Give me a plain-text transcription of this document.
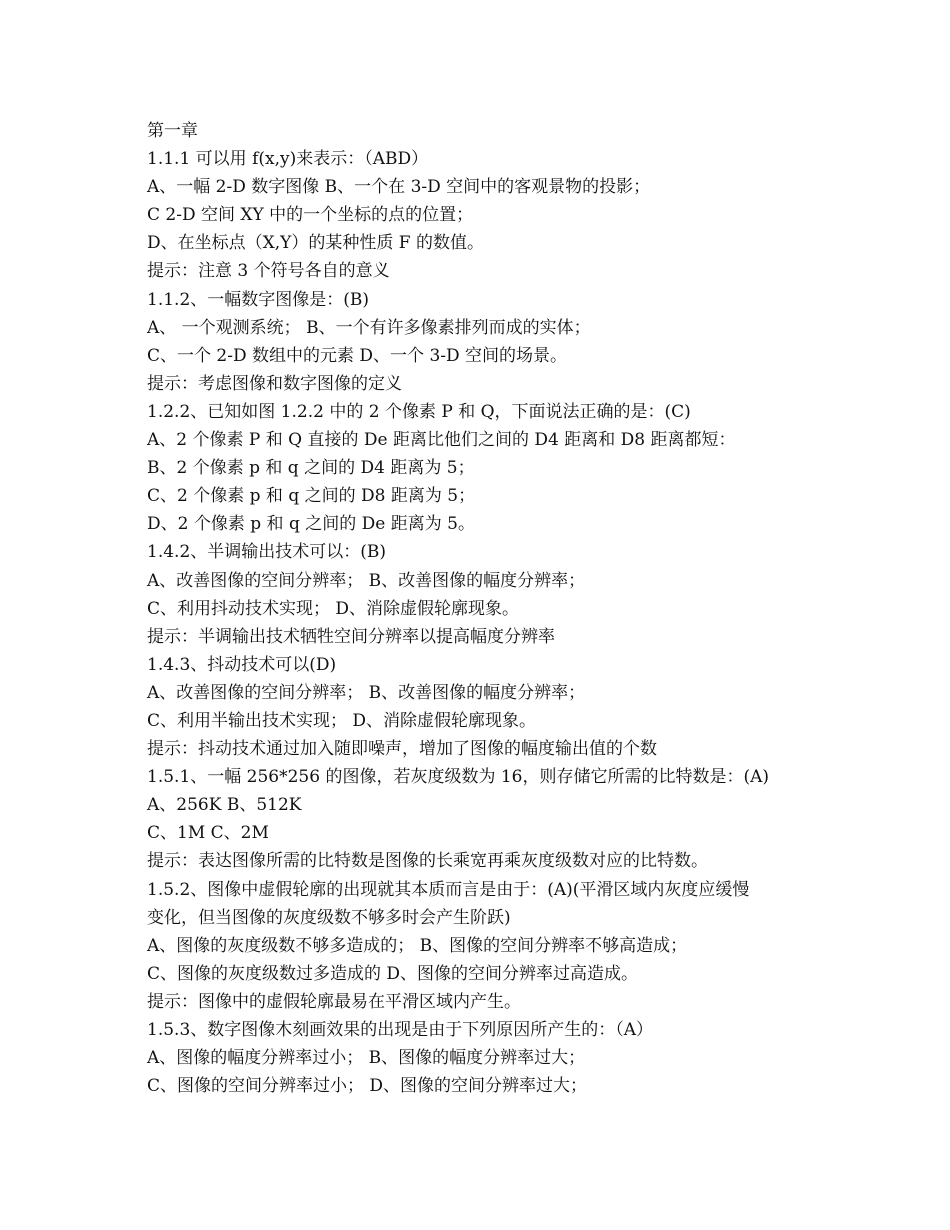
第一章
1.1.1 可以用 f(x,y)来表示：（ABD）
A、一幅 2-D 数字图像 B、一个在 3-D 空间中的客观景物的投影；
C 2-D 空间 XY 中的一个坐标的点的位置；
D、在坐标点（X,Y）的某种性质 F 的数值。
提示：注意 3 个符号各自的意义
1.1.2、一幅数字图像是：(B)
A、 一个观测系统； B、一个有许多像素排列而成的实体；
C、一个 2-D 数组中的元素 D、一个 3-D 空间的场景。
提示：考虑图像和数字图像的定义
1.2.2、已知如图 1.2.2 中的 2 个像素 P 和 Q，下面说法正确的是：(C)
A、2 个像素 P 和 Q 直接的 De 距离比他们之间的 D4 距离和 D8 距离都短：
B、2 个像素 p 和 q 之间的 D4 距离为 5；
C、2 个像素 p 和 q 之间的 D8 距离为 5；
D、2 个像素 p 和 q 之间的 De 距离为 5。
1.4.2、半调输出技术可以：(B)
A、改善图像的空间分辨率； B、改善图像的幅度分辨率；
C、利用抖动技术实现； D、消除虚假轮廓现象。
提示：半调输出技术牺牲空间分辨率以提高幅度分辨率
1.4.3、抖动技术可以(D)
A、改善图像的空间分辨率； B、改善图像的幅度分辨率；
C、利用半输出技术实现； D、消除虚假轮廓现象。
提示：抖动技术通过加入随即噪声，增加了图像的幅度输出值的个数
1.5.1、一幅 256*256 的图像，若灰度级数为 16，则存储它所需的比特数是：(A)
A、256K B、512K
C、1M C、2M
提示：表达图像所需的比特数是图像的长乘宽再乘灰度级数对应的比特数。
1.5.2、图像中虚假轮廓的出现就其本质而言是由于：(A)(平滑区域内灰度应缓慢
变化，但当图像的灰度级数不够多时会产生阶跃)
A、图像的灰度级数不够多造成的； B、图像的空间分辨率不够高造成；
C、图像的灰度级数过多造成的 D、图像的空间分辨率过高造成。
提示：图像中的虚假轮廓最易在平滑区域内产生。
1.5.3、数字图像木刻画效果的出现是由于下列原因所产生的：（A）
A、图像的幅度分辨率过小； B、图像的幅度分辨率过大；
C、图像的空间分辨率过小； D、图像的空间分辨率过大；
